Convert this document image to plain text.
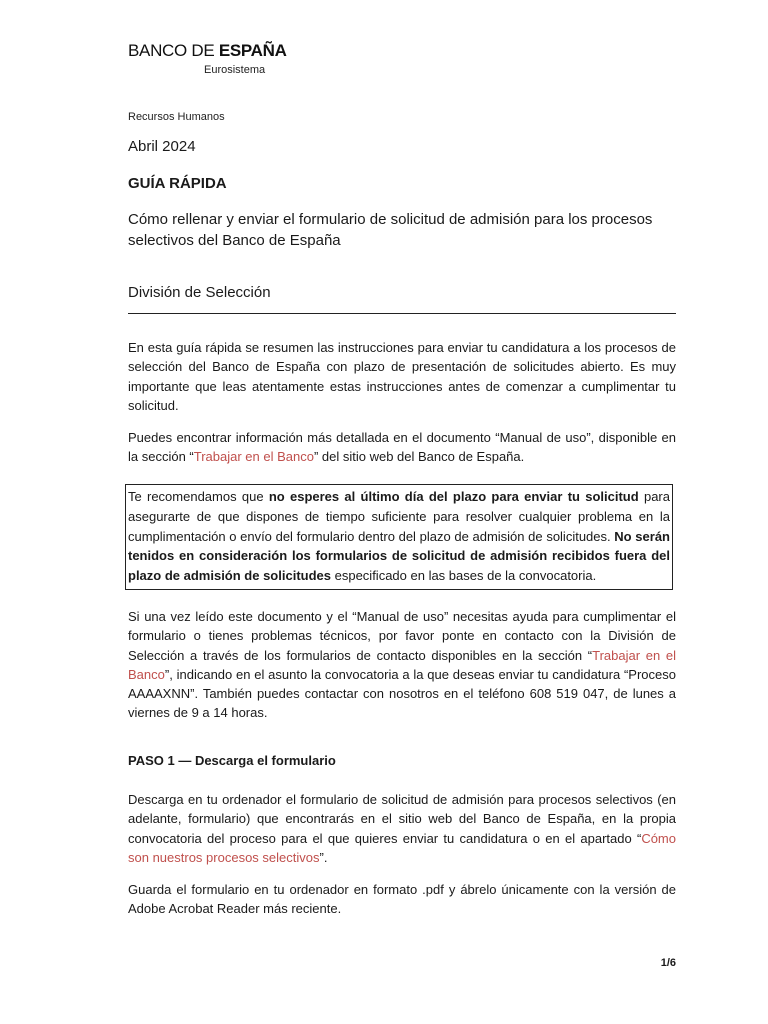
BANCO DE ESPAÑA
Eurosistema
Recursos Humanos
Abril 2024
GUÍA RÁPIDA
Cómo rellenar y enviar el formulario de solicitud de admisión para los procesos selectivos del Banco de España
División de Selección
En esta guía rápida se resumen las instrucciones para enviar tu candidatura a los procesos de selección del Banco de España con plazo de presentación de solicitudes abierto. Es muy importante que leas atentamente estas instrucciones antes de comenzar a cumplimentar tu solicitud.
Puedes encontrar información más detallada en el documento “Manual de uso”, disponible en la sección “Trabajar en el Banco” del sitio web del Banco de España.
Te recomendamos que no esperes al último día del plazo para enviar tu solicitud para asegurarte de que dispones de tiempo suficiente para resolver cualquier problema en la cumplimentación o envío del formulario dentro del plazo de admisión de solicitudes. No serán tenidos en consideración los formularios de solicitud de admisión recibidos fuera del plazo de admisión de solicitudes especificado en las bases de la convocatoria.
Si una vez leído este documento y el “Manual de uso” necesitas ayuda para cumplimentar el formulario o tienes problemas técnicos, por favor ponte en contacto con la División de Selección a través de los formularios de contacto disponibles en la sección “Trabajar en el Banco”, indicando en el asunto la convocatoria a la que deseas enviar tu candidatura “Proceso AAAAXNN”. También puedes contactar con nosotros en el teléfono 608 519 047, de lunes a viernes de 9 a 14 horas.
PASO 1 — Descarga el formulario
Descarga en tu ordenador el formulario de solicitud de admisión para procesos selectivos (en adelante, formulario) que encontrarás en el sitio web del Banco de España, en la propia convocatoria del proceso para el que quieres enviar tu candidatura o en el apartado “Cómo son nuestros procesos selectivos”.
Guarda el formulario en tu ordenador en formato .pdf y ábrelo únicamente con la versión de Adobe Acrobat Reader más reciente.
1/6
